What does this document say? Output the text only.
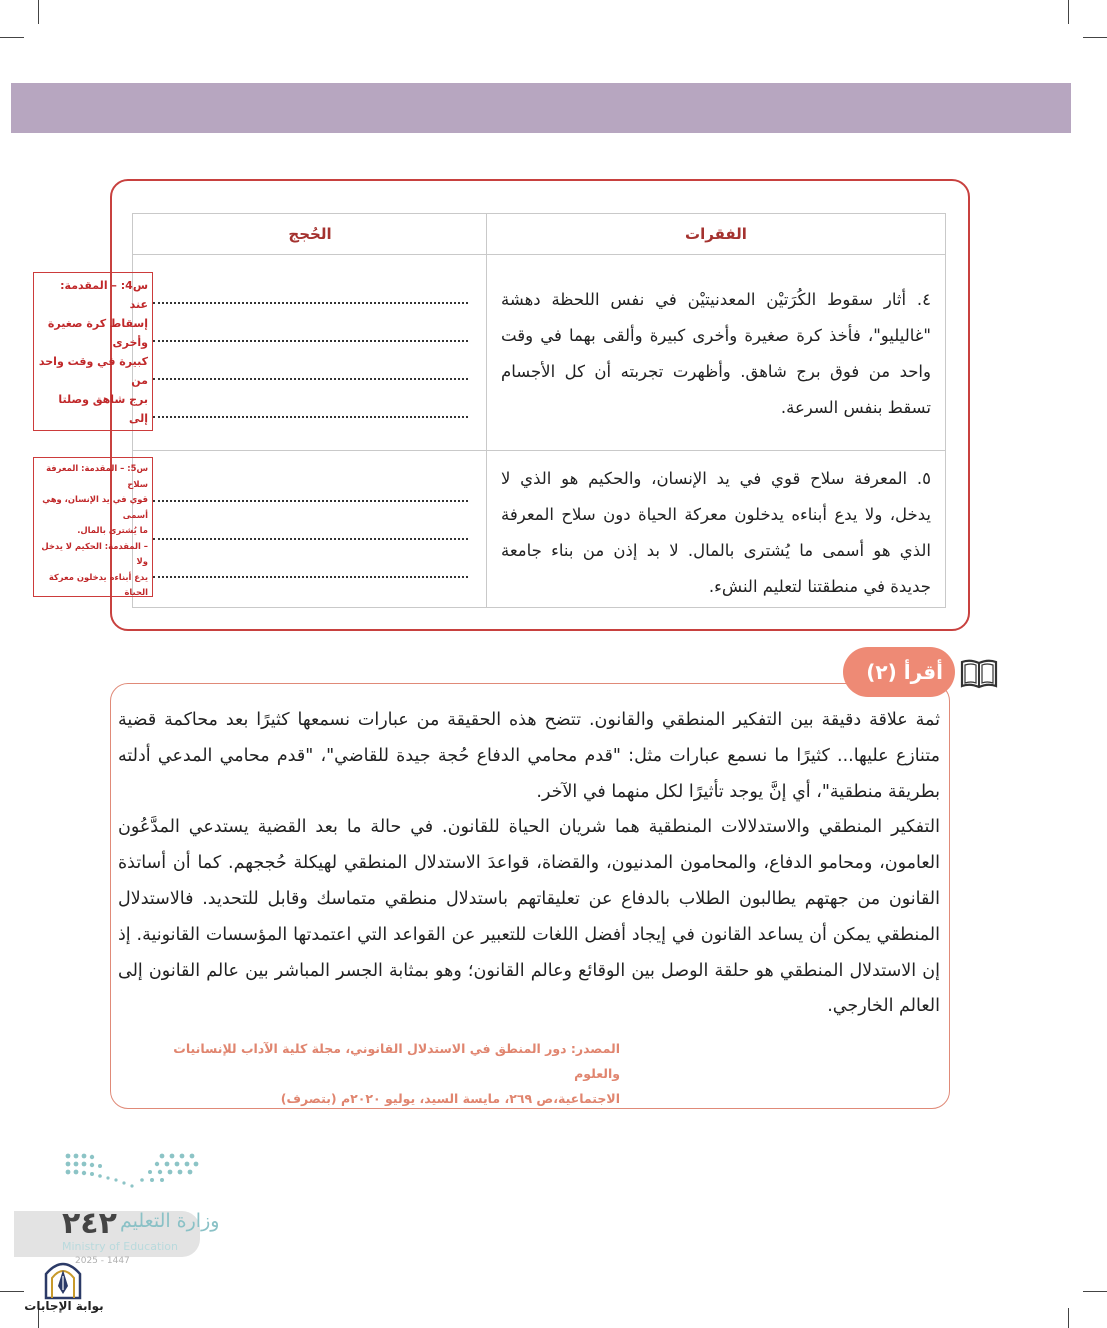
الفقرات
الحُجج
٤. أثار سقوط الكُرَتيْن المعدنيتيْن في نفس اللحظة دهشة "غاليليو"، فأخذ كرة صغيرة وأخرى كبيرة وألقى بهما في وقت واحد من فوق برج شاهق. وأظهرت تجربته أن كل الأجسام تسقط بنفس السرعة.
٥. المعرفة سلاح قوي في يد الإنسان، والحكيم هو الذي لا يدخل، ولا يدع أبناءه يدخلون معركة الحياة دون سلاح المعرفة الذي هو أسمى ما يُشترى بالمال. لا بد إذن من بناء جامعة جديدة في منطقتنا لتعليم النشء.
س4: – المقدمة: عند
إسقاط كرة صغيرة وأخرى
كبيرة في وقت واحد من
برج شاهق وصلتا إلى
س5: – المقدمة: المعرفة سلاح
قوي في يد الإنسان، وهي أسمى
ما يُشترى بالمال.
– المقدمة: الحكيم لا يدخل ولا
يدع أبناءه يدخلون معركة الحياة
أقرأ (٢)

ثمة علاقة دقيقة بين التفكير المنطقي والقانون. تتضح هذه الحقيقة من عبارات نسمعها كثيرًا بعد محاكمة قضية متنازع عليها... كثيرًا ما نسمع عبارات مثل: "قدم محامي الدفاع حُجة جيدة للقاضي"، "قدم محامي المدعي أدلته بطريقة منطقية"، أي إنَّ يوجد تأثيرًا لكل منهما في الآخر.

التفكير المنطقي والاستدلالات المنطقية هما شريان الحياة للقانون. في حالة ما بعد القضية يستدعي المدَّعُون العامون، ومحامو الدفاع، والمحامون المدنيون، والقضاة، قواعدَ الاستدلال المنطقي لهيكلة حُججهم. كما أن أساتذة القانون من جهتهم يطالبون الطلاب بالدفاع عن تعليقاتهم باستدلال منطقي متماسك وقابل للتحديد. فالاستدلال المنطقي يمكن أن يساعد القانون في إيجاد أفضل اللغات للتعبير عن القواعد التي اعتمدتها المؤسسات القانونية. إذ إن الاستدلال المنطقي هو حلقة الوصل بين الوقائع وعالم القانون؛ وهو بمثابة الجسر المباشر بين عالم القانون إلى العالم الخارجي.

المصدر: دور المنطق في الاستدلال القانوني، مجلة كلية الآداب للإنسانيات والعلوم
الاجتماعية،ص ٢٦٩، مايسة السيد، يوليو ٢٠٢٠م (بتصرف)
وزارة التعليم
Ministry of Education
2025 - 1447
٢٤٢
بوابة الإجابات
